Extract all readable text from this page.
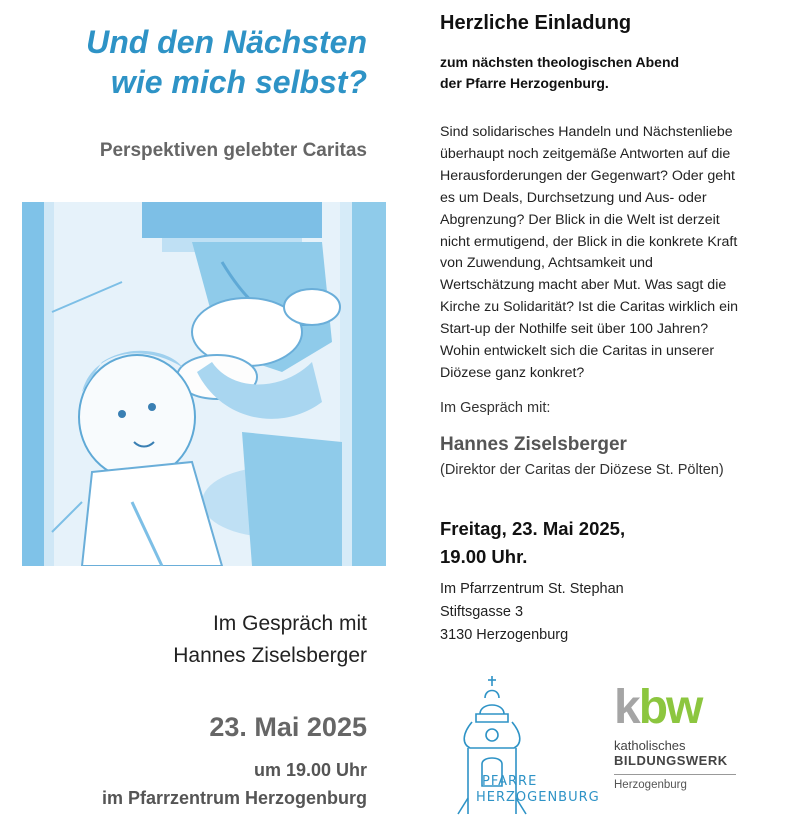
Und den Nächsten
wie mich selbst?
Perspektiven gelebter Caritas
Im Gespräch mit
Hannes Ziselsberger
23. Mai 2025
um 19.00 Uhr
im Pfarrzentrum Herzogenburg
Herzliche Einladung
zum nächsten theologischen Abend
der Pfarre Herzogenburg.
Sind solidarisches Handeln und Nächstenliebe
überhaupt noch zeitgemäße Antworten auf die
Herausforderungen der Gegenwart? Oder geht
es um Deals, Durchsetzung und Aus- oder
Abgrenzung? Der Blick in die Welt ist derzeit
nicht ermutigend, der Blick in die konkrete Kraft
von Zuwendung, Achtsamkeit und
Wertschätzung macht aber Mut. Was sagt die
Kirche zu Solidarität? Ist die Caritas wirklich ein
Start-up der Nothilfe seit über 100 Jahren?
Wohin entwickelt sich die Caritas in unserer
Diözese ganz konkret?
Im Gespräch mit:
Hannes Ziselsberger
(Direktor der Caritas der Diözese St. Pölten)
Freitag, 23. Mai 2025,
19.00 Uhr.
Im Pfarrzentrum St. Stephan
Stiftsgasse 3
3130 Herzogenburg
PFARRE
HERZOGENBURG
kbw
katholisches
BILDUNGSWERK
Herzogenburg
